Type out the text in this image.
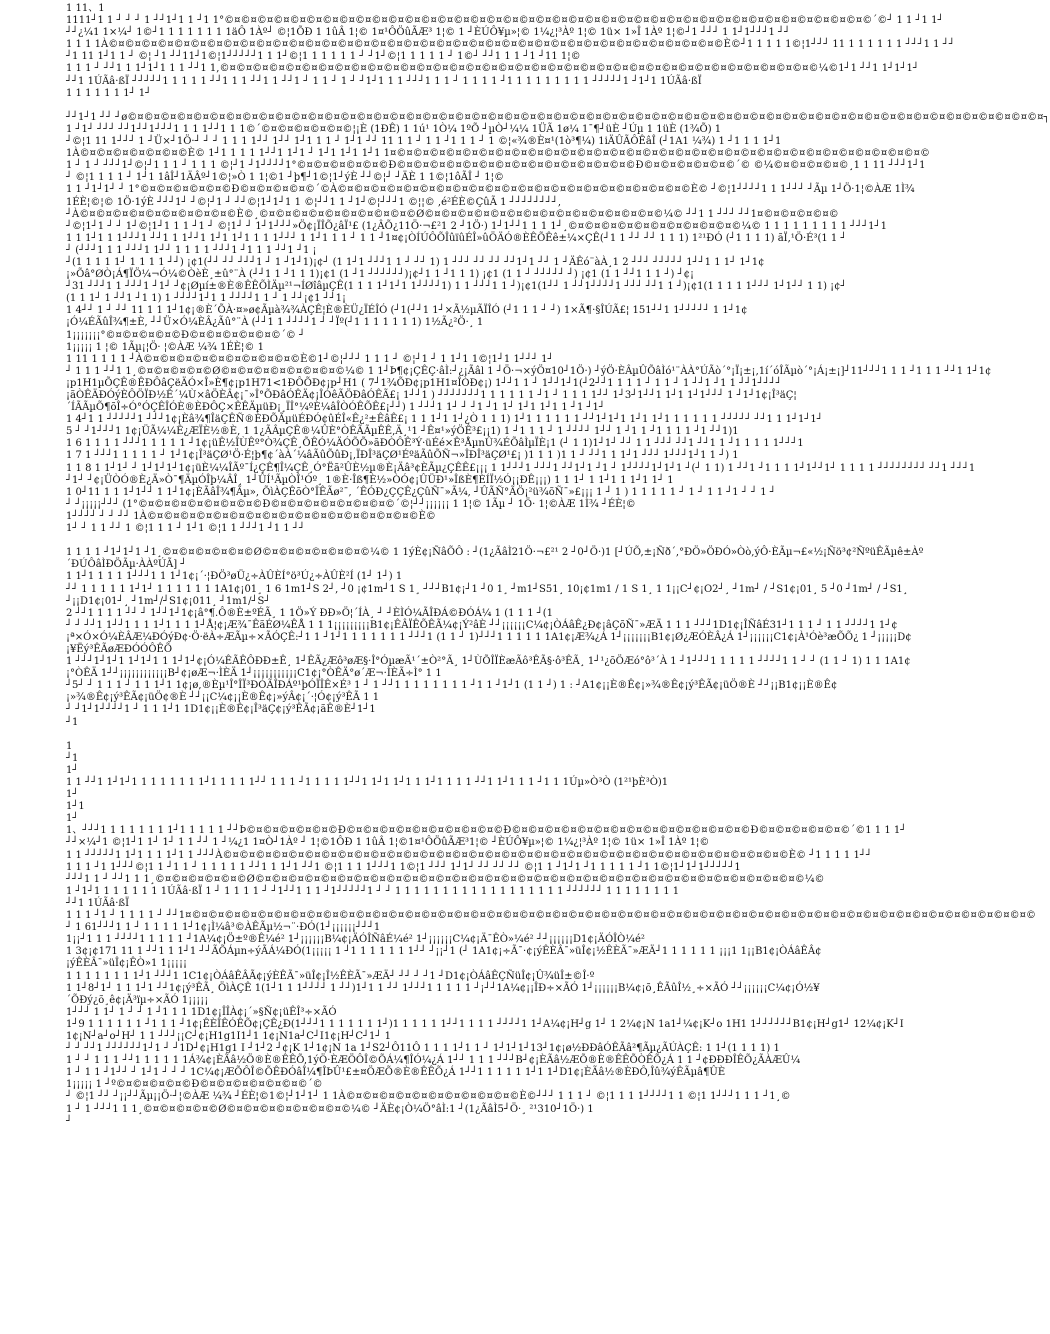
1 11、1
1111┘1 1 ┘ ┘ ┘ 1 ┘┘1┘1 1 ┘1 1°©¤©¤©¤©¤©¤©¤©¤©¤©¤©¤©¤©¤©¤©¤©¤©¤©¤©¤©¤©¤©¤©¤©¤©¤©¤©¤©¤©¤©¤©¤©¤©¤©¤©¤©¤©¤©¤©¤©¤©´©┘ 1 1 ┘1 1┘
┘┘¿¼1 1×¼┘ 1©┘1 1 1 1 1 1 1 1äÔ 1Àº┘ ©¦1ÕÐ 1 1ûÂ 1¦© 1¤¹ÔÖûÃÆ³ 1¦© 1 ┘ÈÚÔ¥µ»¦© 1¼¿¦³Àº 1¦© 1ü× 1»Î 1Àº 1¦©┘1 ┘┘┘ 1 1┘1┘┘┘1 ┘┘
1 1 1 1À©¤©¤©¤©¤©¤©¤©¤©¤©¤©¤©¤©¤©¤©¤©¤©¤©¤©¤©¤©¤©¤©¤©¤©¤©¤©¤©¤©¤©¤©¤©¤©¤©¤©¤©¤©¤©¤©È©┘1 1 1 1 1©¦1┘┘┘ 11 1 1 1 1 1 1 ┘┘┘1 1 ┘┘
┘1 11 1┘1 1 ┘ ©¦ ┘1 ┘┘11┘1©¦1┘┘┘┘┘1 1 1┘©¦1 1 1 1 1 1 ┘ ┘1┘©¦1 1 1 1 1 ┘ 1©┘ ┘┘1 1 1 ┘1 ┘11 1¦©
1 1 1 ┘ ┘┘1 1 1┘1┘1 1 1 ┘┘1 1,©¤©¤©¤©¤©¤©¤©¤©¤©¤©¤©¤©¤©¤©¤©¤©¤©¤©¤©¤©¤©¤©¤©¤©¤©¤©¤©¤©¤©¤©¤©¤©¤©¤©¤©¤©¤©¼©1┘1 ┘┘1 1┘1┘1┘
┘┘1 1ÚÃâ·ßÏ ┘┘┘┘┘1 1 1 1 1 ┘┘1 1 1 ┘┘1 1 ┘┘1 ┘ 1 1 ┘ 1 ┘ ┘1┘1 1 1 ┘┘┘1 1 1 ┘ 1 1 1 1 ┘1 1 1 1 1 1 1 1 1 ┘┘┘┘┘1 ┘1┘1 1ÚÃâ·ßÏ
1 1 1 1 1 1 1┘ 1┘
┘┘1┘1 ┘┘ ┘ø©¤©¤©¤©¤©¤©¤©¤©¤©¤©¤©¤©¤©¤©¤©¤©¤©¤©¤©¤©¤©¤©¤©¤©¤©¤©¤©¤©¤©¤©¤©¤©¤©¤©¤©¤©¤©¤©¤©¤©¤©¤©¤©¤©¤©¤©¤©¤©¤©¤©¤©¤©¤©¤©¤©¤©¤┐
1 ┘1┘ ┘┘┘ ┘┘1┘┘1┘┘┘1 1 1 1┘┘1 1 1©´©¤©¤©¤©¤©¤©¦¡È (1ÐÊ) 1 1ú¹ 1Ò¼ 1ºÕ ┘µÒ┘¼¼ 1ÜÃ 1ø¼ 1¯¶┘üÈ ┘Úµ 1 1üÈ (1¾Õ) 1
┘©¦1 11 1┘┘┘ 1 ┘Ü×┘1Ö·┘ ┘ ┘ 1 1 1 1┘┘ 1┘┘ 1┘1 1 1 ┘ 1┘1 ┘┘ 11 1 1 ┘ 1 1 ┘1 1 1 ┘ 1 ©¦«¾®È¤¹(1ò³¶¼) 1iÄÛÃÔÊâÎ (┘1A1 ¼¾) 1 ┘1 1 1 1┘1
1À©¤©¤©¤©¤©¤©¤©È© 1┘1 1 1 1 1┘┘1 1┘1 ┘ 1┘1 1┘1 1┘1 1¤©¤©¤©¤©¤©¤©¤©¤©¤©¤©¤©¤©¤©¤©¤©¤©¤©¤©¤©¤©¤©¤©¤©¤©¤©¤©¤©¤©¤©¤©¤©¤©¤©
1 ┘ 1 ┘ ┘┘┘1┘©¦┘1 1 1 ┘ 1 1 1 ©¦┘1 ┘1┘┘┘┘1°©¤©¤©¤©¤©¤©Ð©¤©¤©¤©¤©¤©¤©¤©¤©¤©¤©¤©¤©¤©¤©Ð©¤©¤©¤©¤©¤©´© ©¼©¤©¤©¤©¤©¸1 1 11 ┘┘┘1┘1
┘ ©¦1 1 1 1 ┘ 1┘1 1âÎ┘1ÄÂº┘1©¦»Ò 1 1¦©1 ┘þ¶┘1©¦1┘ýÈ ┘┘©¦┘ ┘ÄÈ 1 1©¦1ôÃÎ ┘ 1¦©
1 1 ┘1┘1┘ ┘ 1°©¤©¤©¤©¤©¤©Ð©¤©¤©¤©¤©´©À©¤©¤©¤©¤©¤©¤©¤©¤©¤©¤©¤©¤©¤©¤©¤©¤©¤©¤©¤©¤©¤©È© ┘©¦1┘┘┘┘1 1 1┘┘┘ ┘Ãµ 1┘Ö·1¦©ÀÆ 1Ì¾
1ÉÈ¦©¦© 1Ö·1ýÈ ┘┘┘1┘ ┘©¦┘1 ┘ ┘┘©¦1┘1┘1 1 ©¦┘┘1 1 ┘1┘©¦┘┘┘1 ©¦¦© ,é²ÉÈ©ÇûÃ 1 ┘┘┘┘┘┘┘┘,
┘À©¤©¤©¤©¤©¤©¤©¤©¤©¤©È©¸©¤©¤©¤©¤©¤©¤©¤©¤©¤©Ø©¤©¤©¤©¤©¤©¤©¤©¤©¤©¤©¤©¤©¤©¤©¼© ┘┘1 1 ┘┘┘ ┘┘1¤©¤©¤©¤©¤©
┘©¦1┘1 ┘ ┘ 1┘©¦1┘1 1 1 ┘1 ┘ ©¦1┘ ┘ 1┘1┘┘┘»Ö¢¡ÏÎÕ¿âÏ¹£ (1¿ÂÕ¿11Ö·¬£²1 2 ┘1Ö·) 1┘1┘┘1 1 1 1┘¸©¤©¤©¤©¤©¤©¤©¤©¤©¤©¤©¼© 1 1 1 1 1 1 1 1 1 ┘┘┘1┘1
1 1 1┘1 1 1┘┘┘1 ┘┘1 1 1┘┘1 1┘1 1┘1 1 1 1┘┘┘ 1 1┘1 1 1 ┘ 1 1 ┘1¤¢¡ÒÍÚÔÕÎûïûÉÎ»ûÖÄÓ®ÈÊÕÊê±¼×ÇÊ(┘1 1 ┘┘ ┘┘ 1 1 1) 1²¹ÐÓ (┘1 1 1 1) ãÏ,¹Ö·É³(1 1 ┘
┘ (┘┘┘1 1 1 ┘┘┘1 1┘┘ 1 1 1 1 ┘┘┘1 ┘1 1 1 ┘┘1 ┘1 ¡
┘(1 1 1 1 1┘ 1 1 1 1 ┘┘) ¡¢1(┘┘ ┘┘ ┘┘┘1 ┘ 1 ┘1┘1)¡¢┘ (1 1┘1 ┘┘┘1 1 ┘ ┘┘ 1) 1 ┘┘┘ ┘┘ ┘┘ ┘┘1┘1 ┘┘ 1 ┘ÄÊó¨àÀ¸1 2 ┘┘┘ ┘┘┘┘┘ 1┘┘1 1 1┘ 1┘1¢
¡»Õâ°ØÒ¡Á¶ÏÖ¼¬Ó¼©ÒèÈ¸±û°¨À (┘┘1 1 ┘1 1 1)¡¢1 (1 ┘1 ┘┘┘┘┘┘)¡¢┘1 1 ┘1 1 1) ¡¢1 (1 1 ┘ ┘┘┘┘┘ ┘) ¡¢1 (1 1 ┘┘1 1 1 ┘) ┘¢¡
┘31 ┘┘┘1 1 ┘┘┘1 ┘1┘ ┘¢¡Øµí±®È®ÊÊÕÌÄµ²¹¬ÍØîâµÇÊ(1 1 1 1┘1┘1 1┘┘┘┘1) 1 1 ┘┘┘1 1 ┘)¡¢1(1┘┘ 1 ┘┘1┘┘┘┘1 ┘┘┘ ┘┘1 1 ┘)¡¢1(1 1 1 1 1┘┘┘ 1┘1┘┘ 1 1) ¡¢┘
(1 1 1┘ 1 ┘┘1 ┘1 1) 1 ┘┘┘┘1┘1 1 ┘┘┘┘1 1 ┘ 1 ┘┘¡¢1 ┘┘1¡
1 4┘┘ 1 ┘ ┘┘ 11 1 1 1┘1¢¡®È´ÕÀ·¤»ø¢Ãµà¾¾ÀÇÊ¦È®ÈÜ¿ÏÉÎÓ (┘1(┘┘1 1┘×Ã½µÃÏÎÓ (┘1 1 1 ┘ ┘) 1×Ã¶·§ÎÚÃ£¦ 151┘┘1 1┘┘┘┘┘ 1 1┘1¢
¡Ó¼ÉÃûÎ¾¶±È, ┘┘Ü×Ó¼ÈÂ¿Ãû°¨À (┘┘1 1 ┘┘┘┘1 ┘ ┘Ïº(┘1 1 1 1 1 1 1) 1½Ã¿²Ö·¸ 1
1¡¡¡¡¡¡¡°©¤©¤©¤©¤©Ð©¤©¤©¤©¤©¤©´© ┘
1¡¡¡¡¡ 1 ¦© 1Ãµ¡¦Ö· ¦©ÀÆ ¼¾ 1ÉÈ¦© 1
1 11 1 1 1 1 ┘À©¤©¤©¤©¤©¤©¤©¤©¤©¤©È©1┘©¦┘┘┘ 1 1 1 ┘ ©¦┘1 ┘ 1 1┘1 1©¦1┘1 1┘┘┘ 1┘
┘ 1 1 1 ┘┘1 1¸©¤©¤©¤©¤©Ø©¤©¤©¤©¤©¤©¤©¤©¼© 1 1┘Þ¶¢¡ÇÊÇ·âÌ:┘¿¡Ãâl 1 ┘Ö·¬×ýÖ¤10┘1Ö·) ┘ýÖ·ÈÂµÛÕâÌó¹¨ÀÀ°ÚÃò´°¡Ï¡±¡,1í´óÎÃµò´°¡Á¡±¡]┘11┘┘┘1 1 1 ┘1 1 1 ┘┘1 1┘1¢
¡p1H1µÕÇÊ®ÊÐÔâÇëÄÓ×Î»È¶¢¡p1H71<1ÐÔÕÐ¢¡p┘H1 ( 7┘1¾ÕÐ¢¡p1H1¤ÎÒÐ¢¡) 1┘┘1 1 ┘ 1┘┘1┘1(┘2┘┘1 1 1 1 ┘ 1 1 ┘ 1 ┘┘1 ┘1 1 ┘┘1┘┘┘┘
¡ãÒÊÄÐÓýÈÔÖÏÐ½Ê´¼Ù×âÖÈÂ¢¡¯»Î°ÕÐâÓÊÄ¢¡ÎÓêÃÖÐâÓÊÃ£¡ 1┘┘1 ) ┘┘┘┘┘┘┘1 1 1 1 1 1 ┘1 ┘ 1 1 1 1┘┘ 1┘3┘1┘┘1 1┘1 1┘1┘┘┘ 1 ┘1┘1¢¡Î³äÇ¦
´ÍÃÃµÕ¶õÎ÷Ó°ÓÇÊÎÓÈ®ÈÐÔÇ×ÊÊÄµüÐ¡¸ÏÎ°¼ºÈ¼âÎÒÓÊÕÊ£¡┘┘) 1 ┘┘┘1 1┘ ┘ ┘1 ┘1 1┘ 1┘1 1┘1 1 ┘1 ┘1┘
1 4┘1 1 ┘┘┘┘┘1 ┘┘┘1¢¡Èâ¾¶ÎäÇÊÑ®ÈÐÕÃµüÉÐÓ¢ûÉÎ«Ê¿²±ÊâÊ£¡ 1 1 1┘1 1┘¿Ò 1 1 1) 1┘1 1 1 1 1 1 ┘┘1┘1┘1 1┘1 1┘1 1 1 1 1 1 ┘┘┘┘┘ ┘┘1 1 1┘1┘1┘
5 ┘ ┘1┘┘┘1 1¢¡ÜÃ¼¼Ê¿ÆÏÈ½®È, 1 1¿ÃÂµÇÊ®¼ÛÈ°ÒÊÃÃµÊÊ,Ä¸¹1 ┘Ê¤¹»ýÖÊ³£¡¡1) 1 ┘1 1 1 ┘ 1 ┘┘┘┘ 1┘┘ 1 ┘1 1 ┘1 1 1 1 ┘1 ┘┘1)1
1 6 1 1 1 1 ┘┘┘1 1 1 1 1 ┘1¢¡üÊ½ÎÙÊº°Ò¾ÇÊ¸ÕÊÓ¼ÄÓÕÕ»ãÐÒÔÊ³Ý·üÉé×Ê³ÅµnÛ¾ÉÕâÌµÏÈ¡1 (┘ 1 1)1┘1┘ ┘┘ 1 1 ┘┘┘ ┘┘1 ┘┘1 1 ┘1 1 1 1 1┘┘┘1
1 7 1 ┘┘┘1 1 1 1 1 ┘ 1┘1¢¡Î³äÇØ¹Ö·É¦þ¶¢´àÀ´¼âÃûÕûÐ¡,ÏÐÎ³äÇØ¹ÉºäÃûÕÑ¬»ÎÐÎ³äÇØ¹£¡ )1 1 1 )1 1 ┘ ┘┘1 1 1┘1 ┘┘┘ 1┘┘┘1┘1 1 ┘) 1
1 1 8 1 1┘1┘ ┘ 1┘1┘1┘1¢¡üÈ¼¼ÎÃº¯Í¿ÇÊ¶Î¼ÇÊ¸Ó°Ëã²ÛÈ½µ®È¡Äâ³¢ÈÃµ¿ÇÊÊ£¡¡¡ 1 1┘┘┘1 ┘┘┘1 ┘┘1┘1 ┘1 ┘ 1┘┘┘┘1┘1┘1 ┘(┘ 1 1) 1 ┘┘1 ┘1 1 1 1┘1┘┘1┘ 1 1 1 1 ┘┘┘┘┘┘┘┘ ┘┘1 ┘┘┘1
┘1┘ ┘¢¡ÜÒÓ®È¿Ä»Ò¯¶ÄµÓÎþ¼ÂÎ¸ 1┘ÛÍ¹ÃµÒÎ¹Óº¸ 1®È·Îß¶È½»ÒÓ¢¡ÛÜÐ¹»ÎßÈ¶ÈÍÏ½Ó¡¡ÐÊ¡¡¡) 1 1 1┘ 1 1┘1 1 1┘1 1┘ 1
1 0┘11 1 1 1┘1┘┘ 1 1┘1¢¡ÈÃâÎ¾¶Ãµ», ÕìÀÇÊõÒ°ÎÊÃø²¯, ´ÊÓÐ¿ÇÇÊ¿ÇûÑ¯»Ã¼, ┘ÛÃÑ°ÃÖ¡²ü¾õÑ¯»£¡¡¡ 1 ┘ 1 ) 1 1 1 1 1 ┘ 1 ┘ 1 1 ┘1 ┘ ┘ 1 ┘
┘ ┘¡¡¡¡¡┘┘┘ (1°©¤©¤©¤©¤©¤©¤©¤©Ð©¤©¤©¤©¤©¤©¤©¤©´©¦┘┘¡¡¡¡¡¡ 1 1¦© 1Ãµ ┘ 1Ö· 1¦©ÀÆ 1Ì¾ ┘ÉÈ¦©
1┘┘┘┘ ┘ ┘ ┘┘ 1À©¤©¤©¤©¤©¤©¤©¤©¤©¤©¤©¤©¤©¤©¤©¤©¤©È©
1┘ ┘ 1 1 ┘┘ 1 ©¦1 1 1 ┘ 1┘1 ©¦1 1 ┘┘┘1 ┘1 1 ┘┘
1 1 1 1 ┘1┘1┘1 ┘1¸©¤©¤©¤©¤©¤©Ø©¤©¤©¤©¤©¤©¤©¼© 1 1ýÈ¢¡ÑâÕÔ : ┘(1¿ÃâÌ21Ö·¬£²¹ 2 ┘0┘Ö·)1 [┘ÚÕ,±¡Ñð´,°ÐÖ»ÖÐÓ»Òò,ýÔ·ÈÃµ¬£«½¡Ñö³¢²ÑºüÊÃµê±Àº
´ÐÚÔâÌÐÖÃµ·ÀÀºÚÃ] ┘
1 1┘1 1 1 1 1┘┘┘1 1 1┘1¢¡´·¦ÐÖ³øÜ¿÷ÀÛÈÍ°ö³Ú¿÷ÀÛÈ²Í (1┘ 1┘) 1
┘┘ 1 1 1 1 1 1┘1┘ 1 1 1 1 1 1 1A1¢¡01¸ 1 6 1m1┘S 2┘, ┘0 ¡¢1m┘1 S 1¸ ┘┘┘B1¢¡┘1 ┘0 1¸ ┘m1┘S51¸ 10¡¢1m1 / 1 S 1¸ 1 1¡¡C┘¢¡O2┘¸ ┘1m┘ / ┘S1¢¡01¸ 5 ┘0 ┘1m┘ / ┘S1¸
┘¡¡D1¢¡01┘¸ ┘1m┘/┘S1¢¡011¸ ┘1m1/┘S┘
2 ┘┘1 1 1 1 ┘┘ ┘ 1┘┘1┘1¢¡â°¶.Ô®È±ºÉÃ¸ 1 1Ö»Ý ÐÐ»Ö¦´ÍÀ¸ ┘ ┘ÈÌÓ¼ÃÎÐÁ©ÐÓÁ¼ 1 (1 1 1 ┘(1
┘ ┘ ┘┘1 1┘┘1 1 1 1┘1 1 1 1┘Å¦¢¡Æ¾¯ÊãÉØ¼ÊÅ 1 1 1¡¡¡¡¡¡¡¡¡B1¢¡ÊÂÏÊÕÊÃ¼¢¡Ý²âÈ ┘┘¡¡¡¡¡¡C¼¢¡ÒÁâÊ¿Ð¢¡âÇõÑ¯»ÆÄ 1 1 1 ┘┘┘1D1¢¡ÎÑâÉ31┘1 1 1 ┘ 1 1 ┘┘┘┘1 1┘¢
¡ª×Ó×Ó¼ÈÂÆ¼ÐÓýÐ¢·Ö·ëÀ÷ÆÃµ÷×ÃÓÇÊ:┘1 1 ┘1┘1 1 1 1 1 1 1 ┘┘┘1 (1 1 ┘ 1)┘┘┘1 1 1 1 1 1A1¢¡Æ¾¿Á 1┘¡¡¡¡¡¡¡B1¢¡Ø¿ÆÓÈÂ¿Á 1┘¡¡¡¡¡¡C1¢¡À¹Óè³æÕÕ¿ 1 ┘¡¡¡¡¡D¢
¡¥Ëý³ÊÃøÆÐÓÓÔÊÕ
1 ┘┘┘1┘1┘1 1┘1┘1 1 1┘1┘¢¡Ó¼ÊÃÊÔÐÐ±Ê¸ 1┘ÊÃ¿Æô³øÆ§·Î°ÓµæÃ¹´±Ò²°Ã¸ 1┘ÙÕÎÏÈæÃô³ÊÃ§·ô³ÊÃ¸ 1┘¹¿õÖÆó°ô³´À 1 ┘1┘┘┘1 1 1 1 1 ┘┘┘┘1 1 ┘ ┘ (1 1 ┘ 1) 1 1 1A1¢
¡°ÒÊÄ 1┘┘¡¡¡¡¡¡¡¡¡¡¡¡B┘¢¡øÆ¬·ÌÈÄ 1┘¡¡¡¡¡¡¡¡¡¡¡C1¢¡°ÒÊÄ°ø´Æ¬·ÌÈÃ÷Ì° 1 1
┘5┘ ┘ 1 1 1 ┘ 1 1 1┘1 1¢¡ø,®Èµ¹Î°ÎÏ³ÐÓÃÎÐÁº¹þÓÏÎÊ×É³ 1 ┘ 1 ┘┘1 1 1 1 1 1 1 1 ┘1 1 ┘1┘1 (1 1 ┘) 1 : ┘A1¢¡¡È®Ê¢¡»¾®Ê¢¡ý³ÊÃ¢¡üÖ®È ┘┘¡¡B1¢¡¡È®Ê¢
¡»¾®Ê¢¡ý³ÊÃ¢¡üÖ¢®È ┘┘¡¡C¼¢¡¡È®Ê¢¡»ýÂ¢¡´·¦Ó¢¡ý³ÊÃ 1 1
┘ ┘1┘1┘┘┘┘1 ┘ 1 1 1┘1 1D1¢¡¡È®Ê¢¡Î³äÇ¢¡ý³ÊÃ¢¡ãÊ®È┘1┘1
┘1
1
┘1
1┘
1 1 ┘┘1 1┘1┘1 1 1 1 1 1 1 1┘1 1 1 1 1┘┘ 1 1 1 ┘1 1 1 1 1┘┘1 1┘1 1┘1 1 1┘1 1 1 1 ┘┘1 1┘1 1 1 ┘1 1 1Úµ»Ò³Ò (1²¹þÈ³Ò)1
1┘
1┘1
1┘
1、┘┘┘1 1 1 1 1 1 1 1┘1 1 1 1 1 ┘┘Þ©¤©¤©¤©¤©¤©Ð©¤©¤©¤©¤©¤©¤©¤©¤©¤©Ð©¤©¤©¤©¤©¤©¤©¤©¤©¤©¤©¤©¤©¤©¤©Ð©¤©¤©¤©¤©¤©´©1 1 1 1┘
┘┘×¼┘1 ©¦1┘1 1┘ 1┘ 1 1 ┘┘ 1 ┘¼¿1 1¤Ò┘1Àº ┘ 1¦©1ÔÐ 1 1ûÂ 1¦©1¤¹ÔÖûÃÆ³1¦© ┘ÈÚÔ¥µ»¦© 1¼¿¦³Àº 1¦© 1ü× 1»Î 1Àº 1¦©
1 1 ┘┘┘┘┘1 1┘1 1 1 1┘1 1 ┘┘┘À©¤©¤©¤©¤©¤©¤©¤©¤©¤©¤©¤©¤©¤©¤©¤©¤©¤©¤©¤©¤©¤©¤©¤©¤©¤©¤©¤©¤©¤©¤©¤©¤©¤©¤©È© ┘1 1 1 1 1┘┘
1 1 1 ┘1 1┘┘┘©¦1 1 ┘1 1 ┘ 1 1 1 1 1 ┘┘1 1 1┘1 ┘┘1 ©¦1 1 1 1┘┘┘1 1©¦1 ┘┘┘ 1┘1┘ ┘┘ ┘┘ ┘┘ ©¦1 1 ┘1┘1 ┘1 1 1 1 1 ┘1 1©¦1┘1┘1┘┘┘┘┘1
┘┘┘1 1 ┘ ┘┘1 1 1¸©¤©¤©¤©¤©¤©Ø©¤©¤©¤©¤©¤©¤©¤©¤©¤©¤©¤©¤©¤©¤©¤©¤©¤©¤©¤©¤©¤©¤©¤©¤©¤©¤©¤©¤©¤©¤©¤©¤©¤©¼©
1 ┘1┘1 1 1 1 1 1 1 1ÚÃâ·ßÏ 1 ┘ 1 1 1 1 ┘ ┘1┘┘1 1 1 ┘1┘┘┘┘┘1 ┘ ┘ 1 1 1 1 1 1 1 1 1 1 1 1 1 1 1 1 1 1 ┘┘┘┘┘┘ 1 1 1 1 1 1 1 1
┘┘1 1ÚÃâ·ßÏ
1 1 1 ┘1 ┘ 1 1 1 1 ┘ ┘┘1¤©¤©¤©¤©¤©¤©¤©¤©¤©¤©¤©¤©¤©¤©¤©¤©¤©¤©¤©¤©¤©¤©¤©¤©¤©¤©¤©¤©¤©¤©¤©¤©¤©¤©¤©¤©¤©¤©¤©¤©¤©¤©¤©¤©¤©¤©¤©¤©¤©¤©¤©¤©
┘ 1 61┘┘┘1 1 ┘ 1 1 1 1 1┘1¢¡Ì¼â³©ÀÊÃµ½¬¨·ÐÓ(1┘¡¡¡¡¡¡┘┘┘1
1¡¡┘1 1 1 ┘┘┘┘1 1 1 1 1 ┘1A¼¢¡Ö±º®Ê¼é² 1┘¡¡¡¡¡¡B¼¢¡ÄÓÎÑâÉ¼é² 1┘¡¡¡¡¡¡C¼¢¡Ä¯ÊÒ»¼é² ┘┘¡¡¡¡¡¡D1¢¡ÄÓÎÒ¼é²
1 3¢¡¢171 11 1 ┘┘1 1 1┘1 ┘┘ÃÕÁµn÷ýÃÁ¼ÐÓ(1¡¡¡¡¡ 1 ┘1 1 1 1 1 1 1┘┘ ┘¡¡┘1 (┘ 1A1¢¡÷Ã¯·¢¡ýÊÈÂ¯»üÎ¢¡½ÊÈÃ¯»ÆÄ┘1 1 1 1 1 1 ¡¡¡1 1¡¡B1¢¡ÒÁâÊÂ¢
¡ýÊÈÂ¯»üÎ¢¡ÊÒ»1 1¡¡¡¡¡
1 1 1 1 1 1 1 1┘1 ┘┘┘1 1C1¢¡ÒÁâÊÂÃ¢¡ýÈÊÃ¯»üÎ¢¡Î½ÊÈÃ¯»ÆÄ┘ ┘┘ ┘ ┘1 ┘D1¢¡ÒÁâÊÇÑüÎ¢¡Û¾üÎ±©Î·º
1 1┘8┘1┘ 1 1 1┘1 ┘┘1¢¡ý³ÊÃ¸ ÖìÀÇÊ 1(1┘1 1 1┘┘┘┘ 1 ┘┘)1┘1 1 ┘┘ 1┘┘┘1 1 1 1 1 ┘¡┘┘1A¼¢¡¡ÎÐ÷×ÃÓ 1┘¡¡¡¡¡¡B¼¢¡õ¸ÊÃûÎ½¸÷×ÃÓ ┘┘¡¡¡¡¡¡C¼¢¡Ó½¥
´ÕÐý¿õ¸ê¢¡Ä³ïµ÷×ÃÓ 1¡¡¡¡¡
1┘┘┘ 1 1┘ 1 ┘ ┘ 1 ┘1 1 1 1D1¢¡ÎÎÀ¢¡´»§Ñ¢¡üÊÎ³÷×ÃÓ
1┘9 1 1 1 1 1 1 ┘1 1 1 ┘1¢¡ÊÈÎÊÓÊÕ¢¡ÇÊ¿Ð(1┘┘┘1 1 1 1 1 1 1┘)1 1 1 1 1 1┘┘1 1 1 1 ┘┘┘┘1 1┘A¼¢¡H┘g 1┘ 1 2¼¢¡N 1a1┘¼¢¡K┘o 1H1 1┘┘┘┘┘┘B1¢¡H┘g1┘ 12¼¢¡K┘I
1¢¡N┘a┘o┘H┘ 1 1 ┘┘┘¡¡C┘¢¡H1g1I1┘1 1¢¡N1a┘C┘I1¢¡H┘C┘1┘ 1
┘ ┘ ┘┘1 ┘┘┘┘┘┘1┘1 ┘ ┘1D┘¢¡H1g1 I ┘1┘2 ┘¢¡K 1┘1¢¡N 1a 1┘S2┘Ô11Ô 1 1 1 1┘1 1 ┘ 1┘1┘1┘13┘1¢¡ø½ÐÐâÓÊÃâ²¶Ãµ¿ÃÚÀÇÊ: 1 1┘(1 1 1 1) 1
1 ┘ ┘ 1 1 1 ┘┘1 1 1 1 1 1Á¾¢¡ÈÃâ½Ö®È®ÊÊÕ,1ýÖ·ÈÆÖÔÎ©ÕÁ¼¶ÎÓ¼¿Á 1┘┘ 1 1 1 ┘┘┘B┘¢¡ÈÃâ½ÆÕ®È®ÊÊÕÒÊÕ¿Á 1 1 ┘¢ÐÐÐÎÊÕ¿ÃÀÆÛ¼
1 ┘ 1 1 ┘1┘┘ ┘ 1┘1 ┘ ┘ ┘ 1C¼¢¡ÆÕÔÎ©ÕÊÐÓâÎ¼¶ÎÞÛ¹£±¤ÖÆÕ®È®ÊÊÕ¿Á 1┘┘1 1 1 1 1 1┘1 1┘D1¢¡ÈÃâ½®ÈÐÔ,Îû¾ýÊÃµâ¶ÛÈ
1¡¡¡¡¡ 1 ┘º©¤©¤©¤©¤©Ð©¤©¤©¤©¤©¤©¤©´©
┘ ©¦1 ┘┘ ┘¡¡┘┘Ãµ¡¡Ö·┘¦©ÀÆ ¼¾ ┘ÉÈ¦©1©¦┘1┘1┘ 1 1À©¤©¤©¤©¤©¤©¤©¤©¤©¤©¤©È©┘┘┘ 1 1 1 ┘ ©¦1 1 1 1┘┘┘┘1 1 ©¦1 1┘┘┘1 1 1 ┘1¸©
1 ┘ 1 ┘┘┘1 1 1¸©¤©¤©¤©¤©Ø©¤©¤©¤©¤©¤©¤©¤©¼© ┘ÄÈ¢¡Ò¼Ö°âÌ:1 ┘(1¿ÃâÌ5┘Ö·¸ ²¹310┘1Ö·) 1
┘
